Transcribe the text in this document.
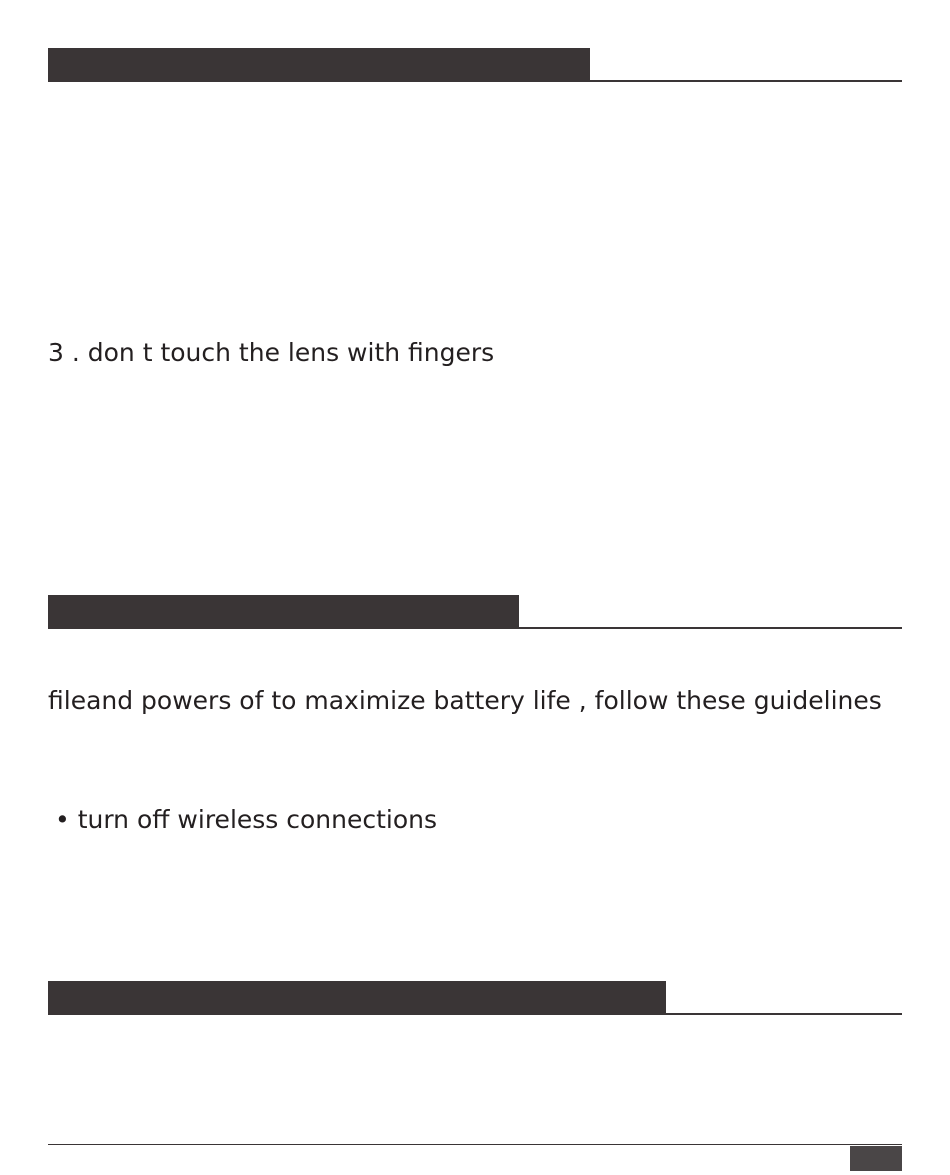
3 . don t touch the lens with fingers
fileand powers of to maximize battery life , follow these guidelines
• turn off wireless connections
